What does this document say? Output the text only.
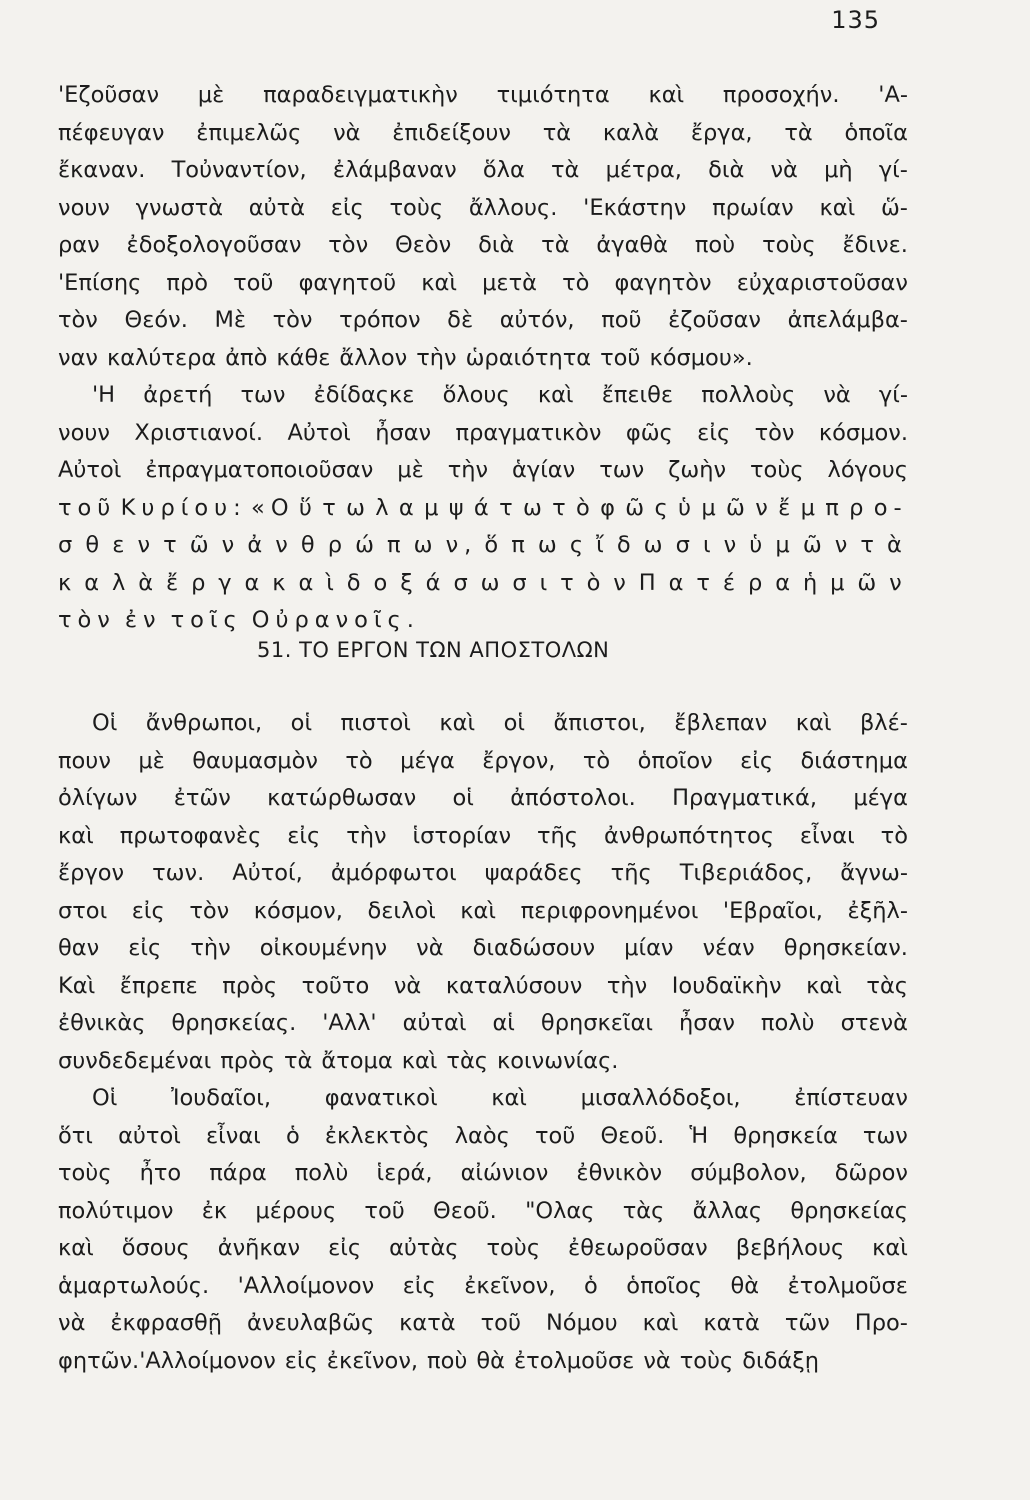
135
'Εζοῦσαν μὲ παραδειγματικὴν τιμιότητα καὶ προσοχήν. 'Α-
πέφευγαν ἐπιμελῶς νὰ ἐπιδείξουν τὰ καλὰ ἔργα, τὰ ὁποῖα
ἔκαναν. Τοὐναντίον, ἐλάμβαναν ὅλα τὰ μέτρα, διὰ νὰ μὴ γί-
νουν γνωστὰ αὐτὰ εἰς τοὺς ἄλλους. 'Εκάστην πρωίαν καὶ ὥ-
ραν ἐδοξολογοῦσαν τὸν Θεὸν διὰ τὰ ἀγαθὰ ποὺ τοὺς ἔδινε.
'Επίσης πρὸ τοῦ φαγητοῦ καὶ μετὰ τὸ φαγητὸν εὐχαριστοῦσαν
τὸν Θεόν. Μὲ τὸν τρόπον δὲ αὐτόν, ποῦ ἐζοῦσαν ἀπελάμβα-
ναν καλύτερα ἀπὸ κάθε ἄλλον τὴν ὡραιότητα τοῦ κόσμου».
'Η ἀρετή των ἐδίδαςκε ὅλους καὶ ἔπειθε πολλοὺς νὰ γί-
νουν Χριστιανοί. Αὐτοὶ ἦσαν πραγματικὸν φῶς εἰς τὸν κόσμον.
Αὐτοὶ ἐπραγματοποιοῦσαν μὲ τὴν ἁγίαν των ζωὴν τοὺς λόγους
τοῦ Κυρίου: «Ο ὕ τ ω λ α μ ψ ά τ ω τ ὸ φ ῶ ς ὑ μ ῶ ν ἔ μ π ρ ο-
σ θ ε ν τ ῶ ν ἀ ν θ ρ ώ π ω ν, ὅ π ω ς ἴ δ ω σ ι ν ὑ μ ῶ ν τ ὰ
κ α λ ὰ ἔ ρ γ α κ α ὶ δ ο ξ ά σ ω σ ι τ ὸ ν Π α τ έ ρ α ἡ μ ῶ ν
τὸν ἐν τοῖς Οὐρανοῖς.
51. ΤΟ ΕΡΓΟΝ ΤΩΝ ΑΠΟΣΤΟΛΩΝ
Οἱ ἄνθρωποι, οἱ πιστοὶ καὶ οἱ ἄπιστοι, ἔβλεπαν καὶ βλέ-
πουν μὲ θαυμασμὸν τὸ μέγα ἔργον, τὸ ὁποῖον εἰς διάστημα
ὀλίγων ἐτῶν κατώρθωσαν οἱ ἀπόστολοι. Πραγματικά, μέγα
καὶ πρωτοφανὲς εἰς τὴν ἱστορίαν τῆς ἀνθρωπότητος εἶναι τὸ
ἔργον των. Αὐτοί, ἀμόρφωτοι ψαράδες τῆς Τιβεριάδος, ἄγνω-
στοι εἰς τὸν κόσμον, δειλοὶ καὶ περιφρονημένοι 'Εβραῖοι, ἐξῆλ-
θαν εἰς τὴν οἰκουμένην νὰ διαδώσουν μίαν νέαν θρησκείαν.
Καὶ ἔπρεπε πρὸς τοῦτο νὰ καταλύσουν τὴν Ιουδαϊκὴν καὶ τὰς
ἐθνικὰς θρησκείας. 'Αλλ' αὐταὶ αἱ θρησκεῖαι ἦσαν πολὺ στενὰ
συνδεδεμέναι πρὸς τὰ ἄτομα καὶ τὰς κοινωνίας.
Οἱ Ἰουδαῖοι, φανατικοὶ καὶ μισαλλόδοξοι, ἐπίστευαν
ὅτι αὐτοὶ εἶναι ὁ ἐκλεκτὸς λαὸς τοῦ Θεοῦ. Ἡ θρησκεία των
τοὺς ἦτο πάρα πολὺ ἱερά, αἰώνιον ἐθνικὸν σύμβολον, δῶρον
πολύτιμον ἐκ μέρους τοῦ Θεοῦ. "Ολας τὰς ἄλλας θρησκείας
καὶ ὅσους ἀνῆκαν εἰς αὐτὰς τοὺς ἐθεωροῦσαν βεβήλους καὶ
ἁμαρτωλούς. 'Αλλοίμονον εἰς ἐκεῖνον, ὁ ὁποῖος θὰ ἐτολμοῦσε
νὰ ἐκφρασθῇ ἀνευλαβῶς κατὰ τοῦ Νόμου καὶ κατὰ τῶν Προ-
φητῶν.'Αλλοίμονον εἰς ἐκεῖνον, ποὺ θὰ ἐτολμοῦσε νὰ τοὺς διδάξῃ
